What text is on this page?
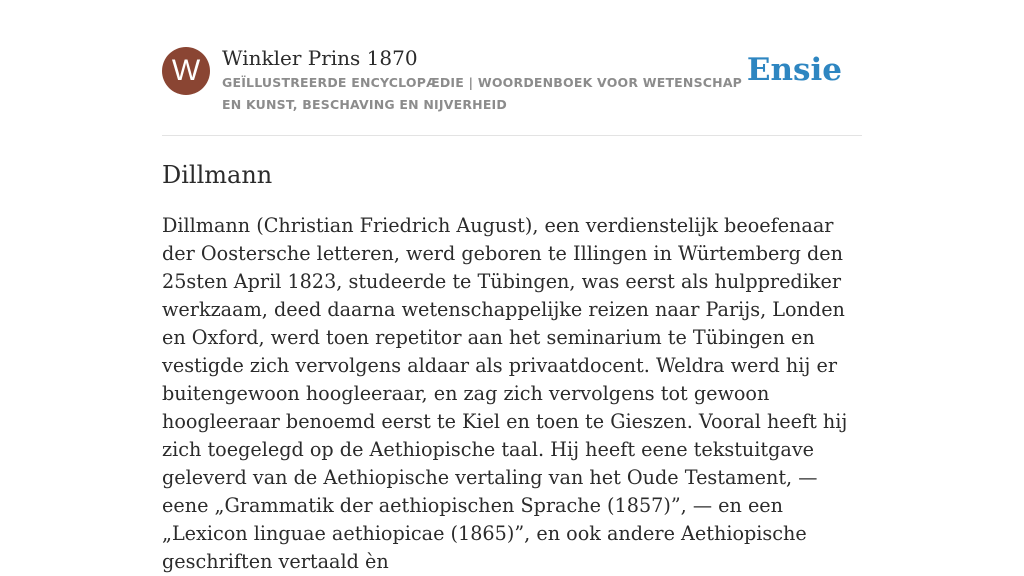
W	Winkler Prins 1870
GEÏLLUSTREERDE ENCYCLOPÆDIE | WOORDENBOEK VOOR WETENSCHAP EN KUNST, BESCHAVING EN NIJVERHEID
Ensie
Dillmann

Dillmann (Christian Friedrich August), een verdienstelijk beoefenaar der Oostersche letteren, werd geboren te Illingen in Würtemberg den 25sten April 1823, studeerde te Tübingen, was eerst als hulpprediker werkzaam, deed daarna wetenschappelijke reizen naar Parijs, Londen en Oxford, werd toen repetitor aan het seminarium te Tübingen en vestigde zich vervolgens aldaar als privaatdocent. Weldra werd hij er buitengewoon hoogleeraar, en zag zich vervolgens tot gewoon hoogleeraar benoemd eerst te Kiel en toen te Gieszen. Vooral heeft hij zich toegelegd op de Aethiopische taal. Hij heeft eene tekstuitgave geleverd van de Aethiopische vertaling van het Oude Testament, — eene „Grammatik der aethiopischen Sprache (1857)”, — en een „Lexicon linguae aethiopicae (1865)”, en ook andere Aethiopische geschriften vertaald èn
